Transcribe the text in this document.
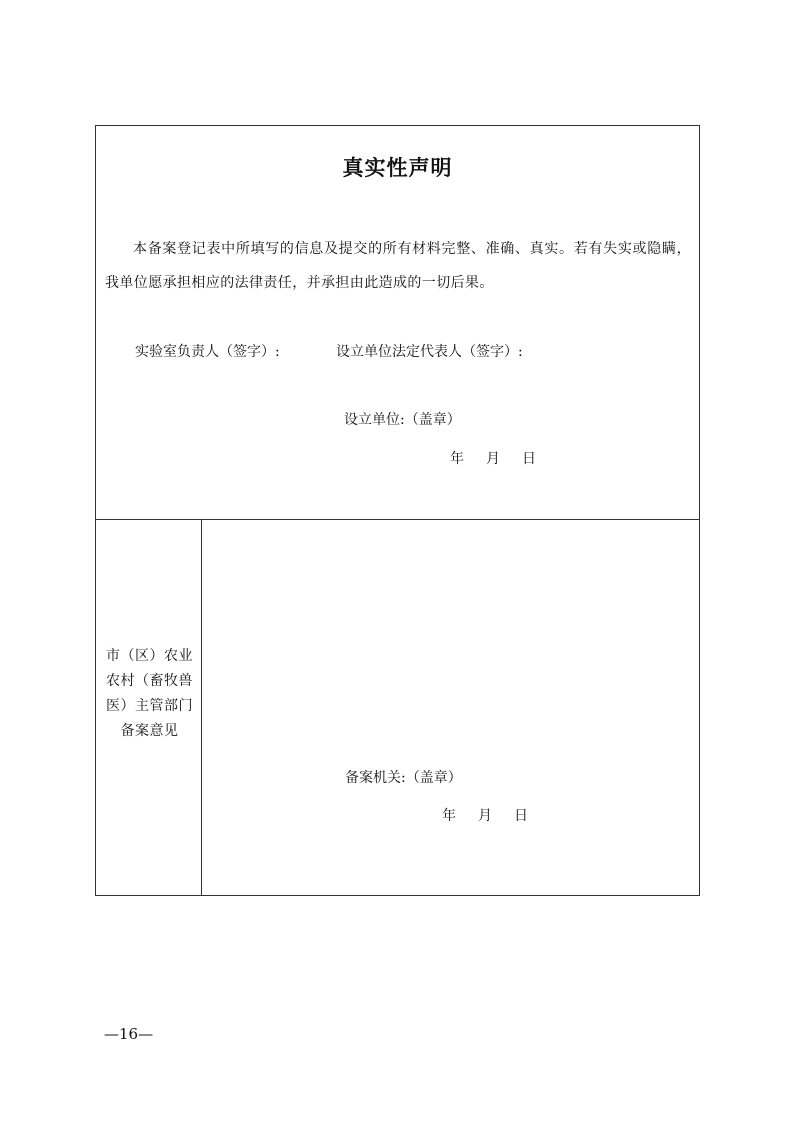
真实性声明

本备案登记表中所填写的信息及提交的所有材料完整、准确、真实。若有失实或隐瞒，我单位愿承担相应的法律责任，并承担由此造成的一切后果。

实验室负责人（签字）:	设立单位法定代表人（签字）:
设立单位:（盖章）
年 月 日
市（区）农业
农村（畜牧兽
医）主管部门
备案意见
备案机关:（盖章）
年 月 日
—16—
